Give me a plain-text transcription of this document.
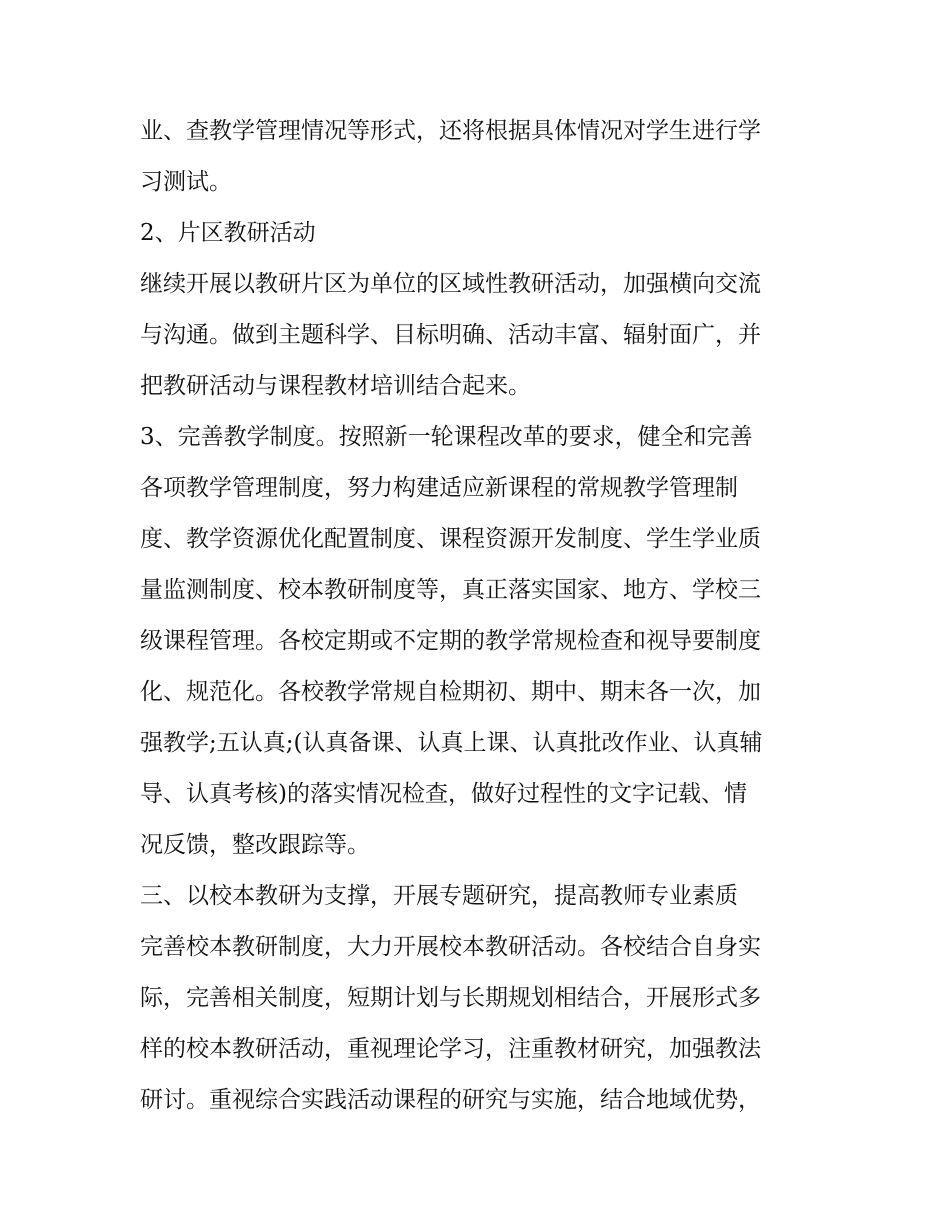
业、查教学管理情况等形式，还将根据具体情况对学生进行学
习测试。
2、片区教研活动
继续开展以教研片区为单位的区域性教研活动，加强横向交流
与沟通。做到主题科学、目标明确、活动丰富、辐射面广，并
把教研活动与课程教材培训结合起来。
3、完善教学制度。按照新一轮课程改革的要求，健全和完善
各项教学管理制度，努力构建适应新课程的常规教学管理制
度、教学资源优化配置制度、课程资源开发制度、学生学业质
量监测制度、校本教研制度等，真正落实国家、地方、学校三
级课程管理。各校定期或不定期的教学常规检查和视导要制度
化、规范化。各校教学常规自检期初、期中、期末各一次，加
强教学;五认真;(认真备课、认真上课、认真批改作业、认真辅
导、认真考核)的落实情况检查，做好过程性的文字记载、情
况反馈，整改跟踪等。
三、以校本教研为支撑，开展专题研究，提高教师专业素质
完善校本教研制度，大力开展校本教研活动。各校结合自身实
际，完善相关制度，短期计划与长期规划相结合，开展形式多
样的校本教研活动，重视理论学习，注重教材研究，加强教法
研讨。重视综合实践活动课程的研究与实施，结合地域优势，
